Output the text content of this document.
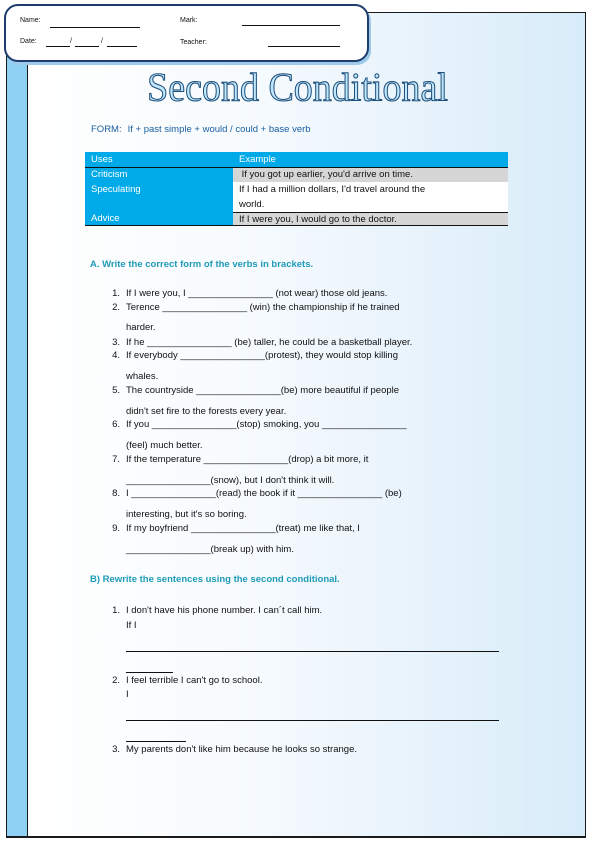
Name:	Mark:
Date:	/	/	Teacher:
Second Conditional
FORM: If + past simple + would / could + base verb
Uses	Example
Criticism	If you got up earlier, you'd arrive on time.
Speculating	If I had a million dollars, I'd travel around the
world.
Advice	If I were you, I would go to the doctor.
A. Write the correct form of the verbs in brackets.
1. If I were you, I ________________ (not wear) those old jeans.
2. Terence ________________ (win) the championship if he trained
harder.
3. If he ________________ (be) taller, he could be a basketball player.
4. If everybody ________________(protest), they would stop killing
whales.
5. The countryside ________________(be) more beautiful if people
didn't set fire to the forests every year.
6. If you ________________(stop) smoking, you ________________
(feel) much better.
7. If the temperature ________________(drop) a bit more, it
________________(snow), but I don't think it will.
8. I ________________(read) the book if it ________________ (be)
interesting, but it's so boring.
9. If my boyfriend ________________(treat) me like that, I
________________(break up) with him.
B) Rewrite the sentences using the second conditional.
1. I don't have his phone number. I can´t call him.
If I
2. I feel terrible I can't go to school.
I
3. My parents don't like him because he looks so strange.
